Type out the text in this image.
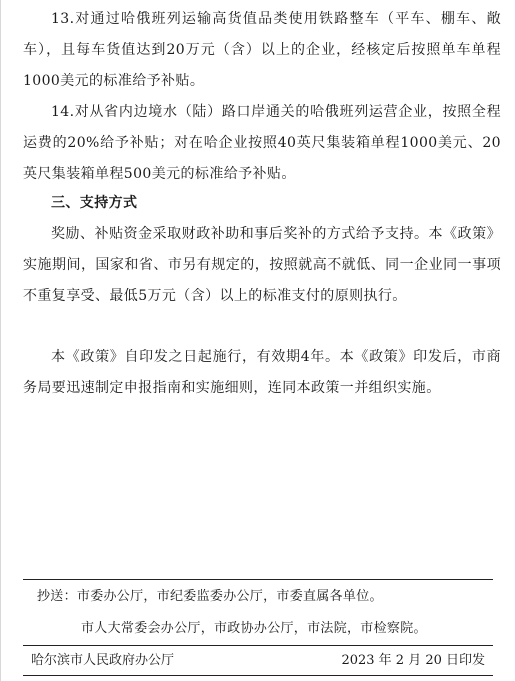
13.对通过哈俄班列运输高货值品类使用铁路整车（平车、棚车、敞车），且每车货值达到20万元（含）以上的企业，经核定后按照单车单程1000美元的标准给予补贴。

14.对从省内边境水（陆）路口岸通关的哈俄班列运营企业，按照全程运费的20%给予补贴；对在哈企业按照40英尺集装箱单程1000美元、20英尺集装箱单程500美元的标准给予补贴。

三、支持方式

奖励、补贴资金采取财政补助和事后奖补的方式给予支持。本《政策》实施期间，国家和省、市另有规定的，按照就高不就低、同一企业同一事项不重复享受、最低5万元（含）以上的标准支付的原则执行。

本《政策》自印发之日起施行，有效期4年。本《政策》印发后，市商务局要迅速制定申报指南和实施细则，连同本政策一并组织实施。

抄送：市委办公厅，市纪委监委办公厅，市委直属各单位。
市人大常委会办公厅，市政协办公厅，市法院，市检察院。
哈尔滨市人民政府办公厅	2023 年 2 月 20 日印发
